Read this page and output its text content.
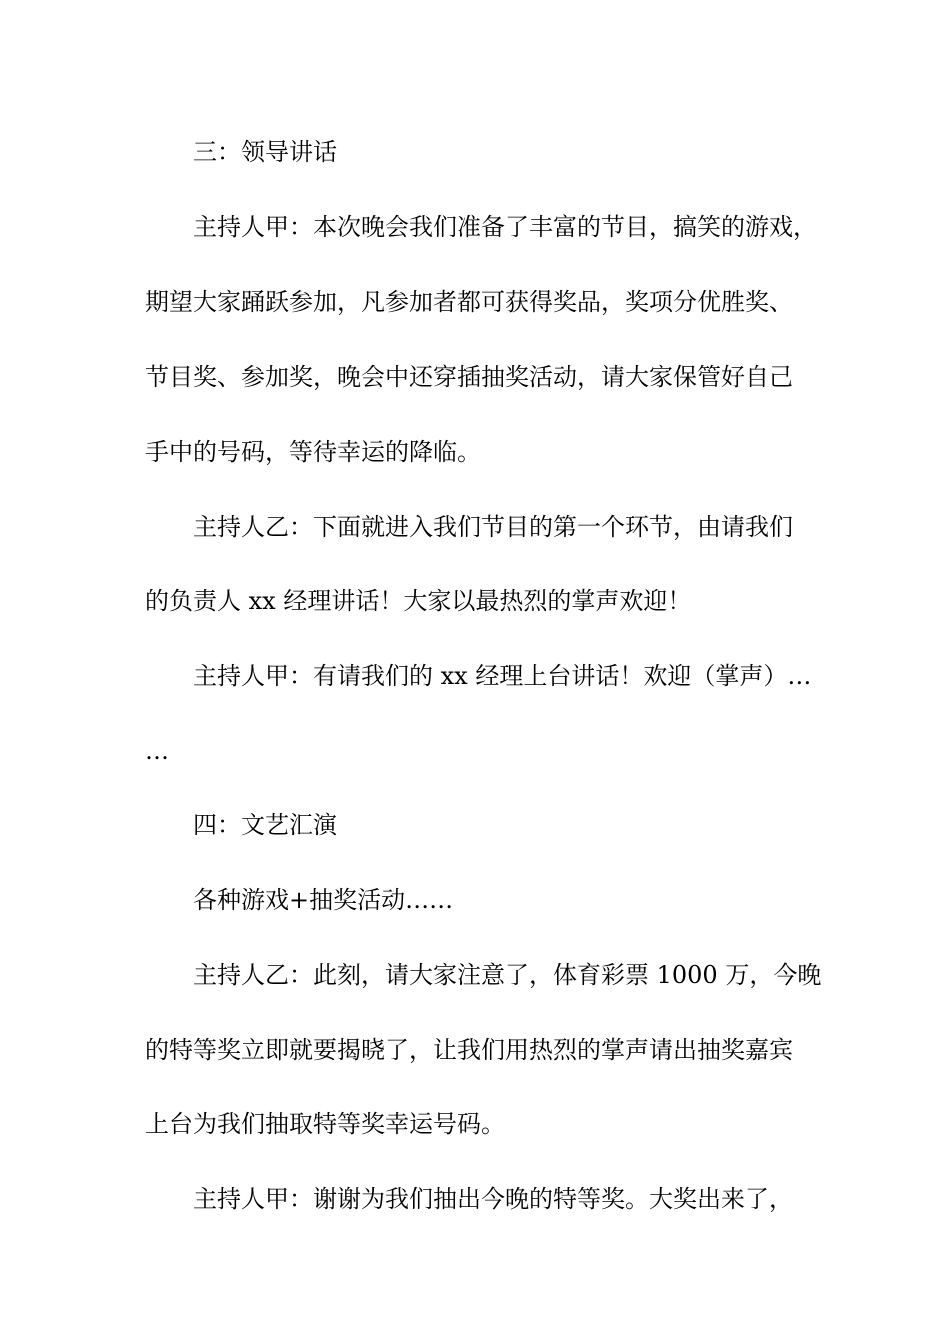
三：领导讲话
主持人甲：本次晚会我们准备了丰富的节目，搞笑的游戏，
期望大家踊跃参加，凡参加者都可获得奖品，奖项分优胜奖、
节目奖、参加奖，晚会中还穿插抽奖活动，请大家保管好自己
手中的号码，等待幸运的降临。
主持人乙：下面就进入我们节目的第一个环节，由请我们
的负责人 xx 经理讲话！大家以最热烈的掌声欢迎！
主持人甲：有请我们的 xx 经理上台讲话！欢迎（掌声）…
…
四：文艺汇演
各种游戏+抽奖活动……
主持人乙：此刻，请大家注意了，体育彩票 1000 万，今晚
的特等奖立即就要揭晓了，让我们用热烈的掌声请出抽奖嘉宾
上台为我们抽取特等奖幸运号码。
主持人甲：谢谢为我们抽出今晚的特等奖。大奖出来了，
